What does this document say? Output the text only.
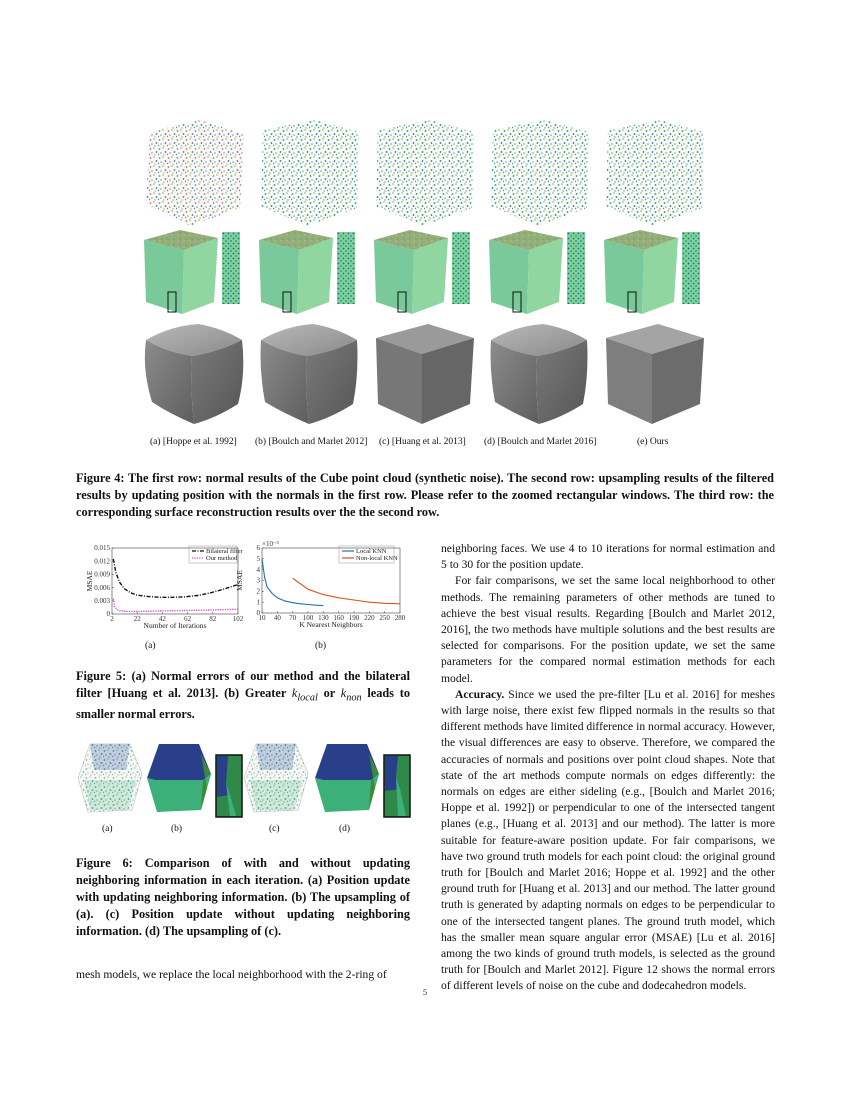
(a) [Hoppe et al. 1992] (b) [Boulch and Marlet 2012] (c) [Huang et al. 2013] (d) [Boulch and Marlet 2016]	(e) Ours
Figure 4: The first row: normal results of the Cube point cloud (synthetic noise). The second row: upsampling results of the filtered results by updating position with the normals in the first row. Please refer to the zoomed rectangular windows. The third row: the corresponding surface reconstruction results over the the second row.
2	22	42	62	82 102
0
0.003
0.006
0.009
0.012
0.015
Number of Iterations
MSAE
Bilateral filter
Our method
10 40 70 100 130 160 190 220 250 280
0
1
2
3
4
5
6
×10⁻³
K Nearest Neighbors
MSAE
Local KNN
Non-local KNN
(a)	(b)
Figure 5: (a) Normal errors of our method and the bilateral filter [Huang et al. 2013]. (b) Greater $k_{local}$ or $k_{non}$ leads to smaller normal errors.
(a)	(b)	(c)	(d)
Figure 6: Comparison of with and without updating neighboring information in each iteration. (a) Position update with updating neighboring information. (b) The upsampling of (a). (c) Position update without updating neighboring information. (d) The upsampling of (c).
mesh models, we replace the local neighborhood with the 2-ring of

neighboring faces. We use 4 to 10 iterations for normal estimation and 5 to 30 for the position update.

For fair comparisons, we set the same local neighborhood to other methods. The remaining parameters of other methods are tuned to achieve the best visual results. Regarding [Boulch and Marlet 2012, 2016], the two methods have multiple solutions and the best results are selected for comparisons. For the position update, we set the same parameters for the compared normal estimation methods for each model.

Accuracy. Since we used the pre-filter [Lu et al. 2016] for meshes with large noise, there exist few flipped normals in the results so that different methods have limited difference in normal accuracy. However, the visual differences are easy to observe. Therefore, we compared the accuracies of normals and positions over point cloud shapes. Note that state of the art methods compute normals on edges differently: the normals on edges are either sideling (e.g., [Boulch and Marlet 2016; Hoppe et al. 1992]) or perpendicular to one of the intersected tangent planes (e.g., [Huang et al. 2013] and our method). The latter is more suitable for feature-aware position update. For fair comparisons, we have two ground truth models for each point cloud: the original ground truth for [Boulch and Marlet 2016; Hoppe et al. 1992] and the other ground truth for [Huang et al. 2013] and our method. The latter ground truth is generated by adapting normals on edges to be perpendicular to one of the intersected tangent planes. The ground truth model, which has the smaller mean square angular error (MSAE) [Lu et al. 2016] among the two kinds of ground truth models, is selected as the ground truth for [Boulch and Marlet 2012]. Figure 12 shows the normal errors of different levels of noise on the cube and dodecahedron models.

5
